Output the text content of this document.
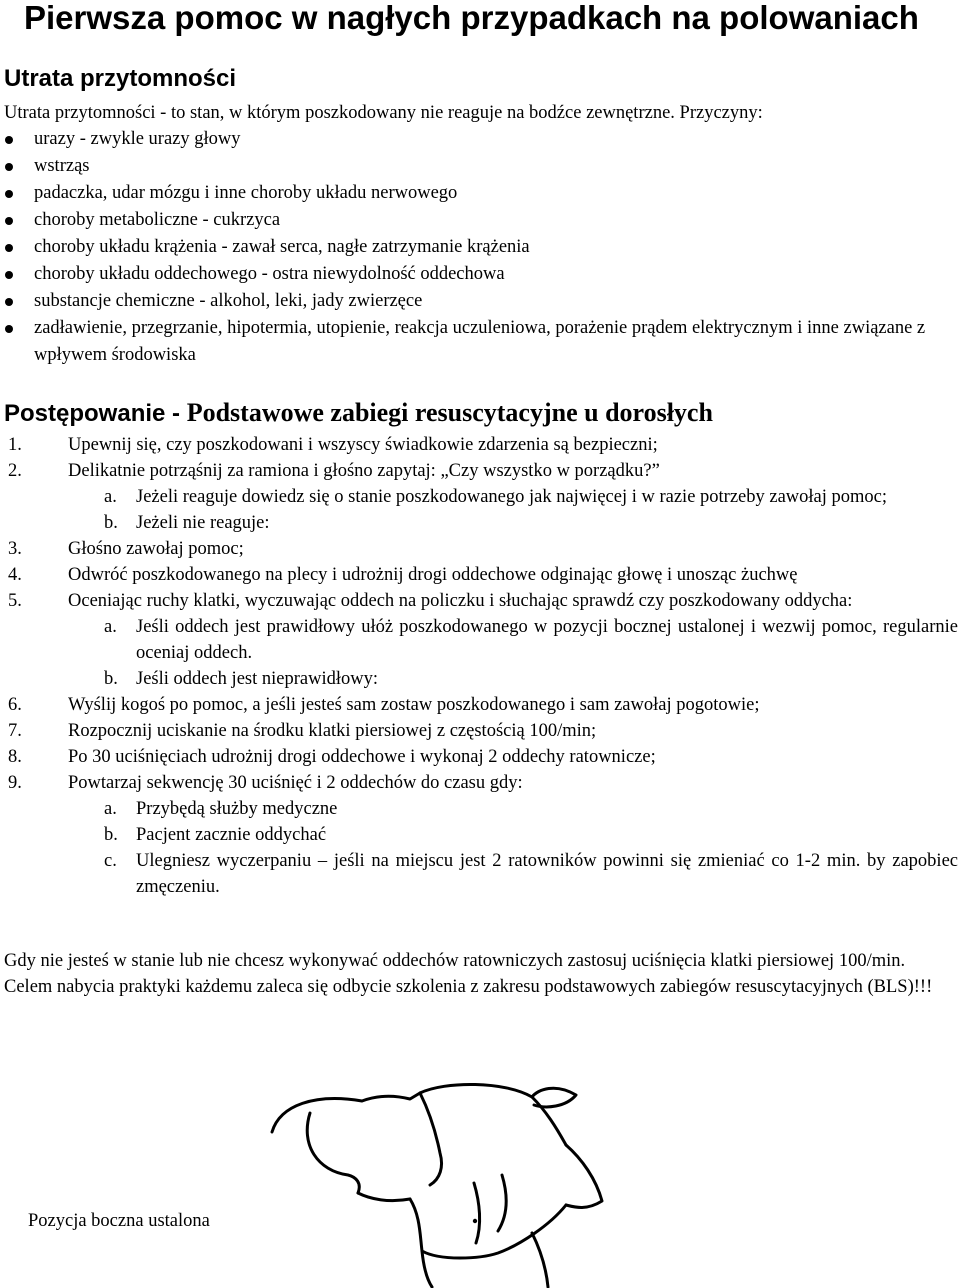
Pierwsza pomoc w nagłych przypadkach na polowaniach
Utrata przytomności
Utrata przytomności - to stan, w którym poszkodowany nie reaguje na bodźce zewnętrzne. Przyczyny:
urazy - zwykle urazy głowy
wstrząs
padaczka, udar mózgu i inne choroby układu nerwowego
choroby metaboliczne - cukrzyca
choroby układu krążenia - zawał serca, nagłe zatrzymanie krążenia
choroby układu oddechowego - ostra niewydolność oddechowa
substancje chemiczne - alkohol, leki, jady zwierzęce
zadławienie, przegrzanie, hipotermia, utopienie, reakcja uczuleniowa, porażenie prądem elektrycznym i inne związane z wpływem środowiska
Postępowanie - Podstawowe zabiegi resuscytacyjne u dorosłych
1.	Upewnij się, czy poszkodowani i wszyscy świadkowie zdarzenia są bezpieczni;
2.	Delikatnie potrząśnij za ramiona i głośno zapytaj: „Czy wszystko w porządku?”
a.	Jeżeli reaguje dowiedz się o stanie poszkodowanego jak najwięcej i w razie potrzeby zawołaj pomoc;
b. Jeżeli nie reaguje:
3.	Głośno zawołaj pomoc;
4.	Odwróć poszkodowanego na plecy i udrożnij drogi oddechowe odginając głowę i unosząc żuchwę
5.	Oceniając ruchy klatki, wyczuwając oddech na policzku i słuchając sprawdź czy poszkodowany oddycha:
a.	Jeśli oddech jest prawidłowy ułóż poszkodowanego w pozycji bocznej ustalonej i wezwij pomoc, regularnie oceniaj oddech.
b. Jeśli oddech jest nieprawidłowy:
6.	Wyślij kogoś po pomoc, a jeśli jesteś sam zostaw poszkodowanego i sam zawołaj pogotowie;
7.	Rozpocznij uciskanie na środku klatki piersiowej z częstością 100/min;
8.	Po 30 uciśnięciach udrożnij drogi oddechowe i wykonaj 2 oddechy ratownicze;
9.	Powtarzaj sekwencję 30 uciśnięć i 2 oddechów do czasu gdy:
a.	Przybędą służby medyczne
b. Pacjent zacznie oddychać
c.	Ulegniesz wyczerpaniu – jeśli na miejscu jest 2 ratowników powinni się zmieniać co 1-2 min. by zapobiec zmęczeniu.

Gdy nie jesteś w stanie lub nie chcesz wykonywać oddechów ratowniczych zastosuj uciśnięcia klatki piersiowej 100/min.

Celem nabycia praktyki każdemu zaleca się odbycie szkolenia z zakresu podstawowych zabiegów resuscytacyjnych (BLS)!!!

Pozycja boczna ustalona
